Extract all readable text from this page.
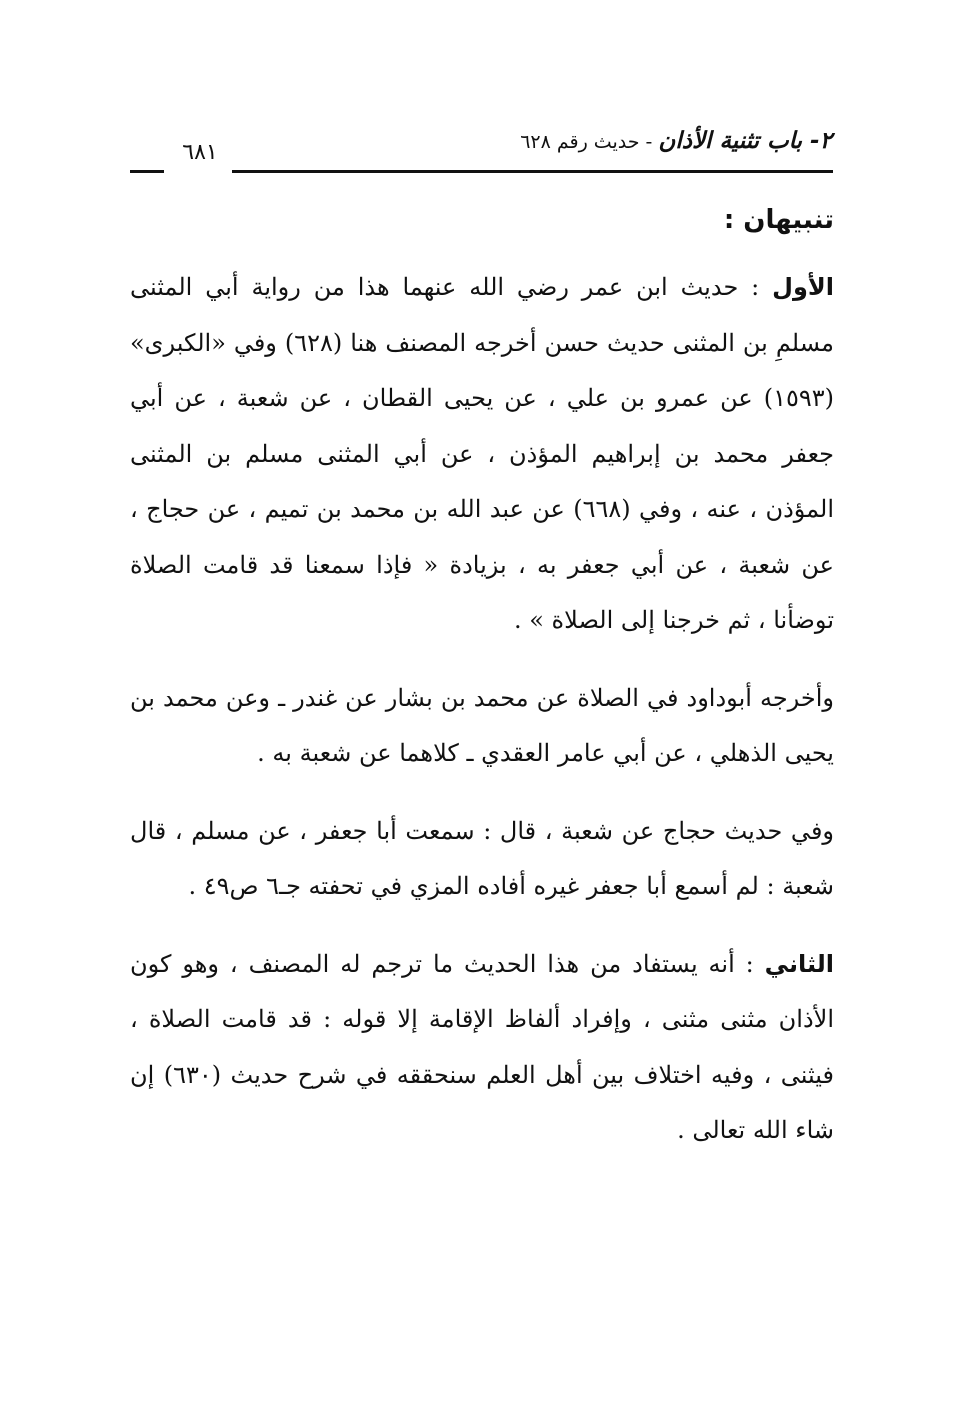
٢- باب تثنية الأذان - حديث رقم ٦٢٨
٦٨١
تنبيهان :

الأول : حديث ابن عمر رضي الله عنهما هذا من رواية أبي المثنى مسلمِ بن المثنى حديث حسن أخرجه المصنف هنا (٦٢٨) وفي «الكبرى» (١٥٩٣) عن عمرو بن علي ، عن يحيى القطان ، عن شعبة ، عن أبي جعفر محمد بن إبراهيم المؤذن ، عن أبي المثنى مسلم بن المثنى المؤذن ، عنه ، وفي (٦٦٨) عن عبد الله بن محمد بن تميم ، عن حجاج ، عن شعبة ، عن أبي جعفر به ، بزيادة « فإذا سمعنا قد قامت الصلاة توضأنا ، ثم خرجنا إلى الصلاة » .

وأخرجه أبوداود في الصلاة عن محمد بن بشار عن غندر ـ وعن محمد بن يحيى الذهلي ، عن أبي عامر العقدي ـ كلاهما عن شعبة به .

وفي حديث حجاج عن شعبة ، قال : سمعت أبا جعفر ، عن مسلم ، قال شعبة : لم أسمع أبا جعفر غيره أفاده المزي في تحفته جـ٦ ص٤٩ .

الثاني : أنه يستفاد من هذا الحديث ما ترجم له المصنف ، وهو كون الأذان مثنى مثنى ، وإفراد ألفاظ الإقامة إلا قوله : قد قامت الصلاة ، فيثنى ، وفيه اختلاف بين أهل العلم سنحققه في شرح حديث (٦٣٠) إن شاء الله تعالى .
